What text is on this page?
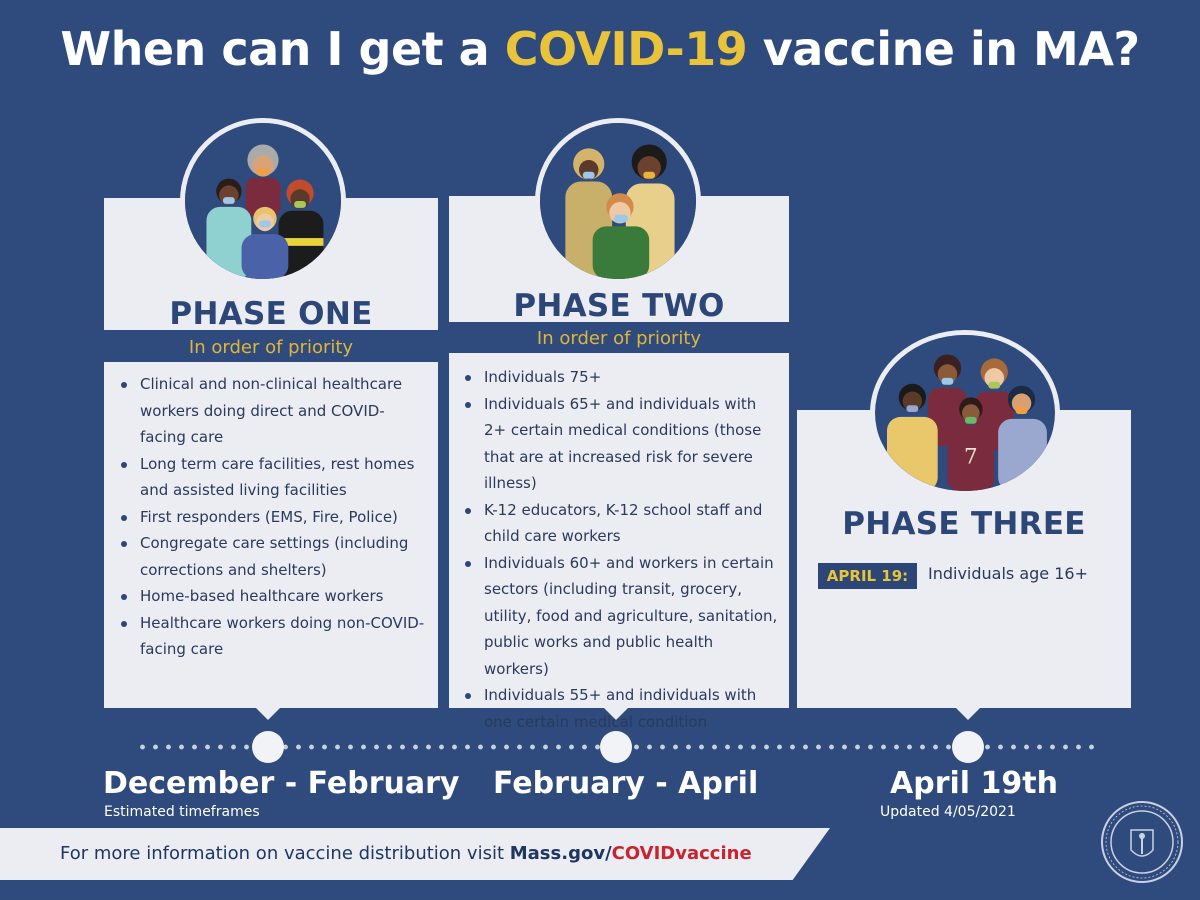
When can I get a COVID-19 vaccine in MA?
PHASE ONE
In order of priority
Clinical and non-clinical healthcare workers doing direct and COVID-facing care
Long term care facilities, rest homes and assisted living facilities
First responders (EMS, Fire, Police)
Congregate care settings (including corrections and shelters)
Home-based healthcare workers
Healthcare workers doing non-COVID-facing care
PHASE TWO
In order of priority
Individuals 75+
Individuals 65+ and individuals with 2+ certain medical conditions (those that are at increased risk for severe illness)
K-12 educators, K-12 school staff and child care workers
Individuals 60+ and workers in certain sectors (including transit, grocery, utility, food and agriculture, sanitation, public works and public health workers)
Individuals 55+ and individuals with one certain medical condition
7
PHASE THREE
APRIL 19:	Individuals age 16+
December - February
Estimated timeframes
February - April	April 19th
Updated 4/05/2021
For more information on vaccine distribution visit Mass.gov/COVIDvaccine
